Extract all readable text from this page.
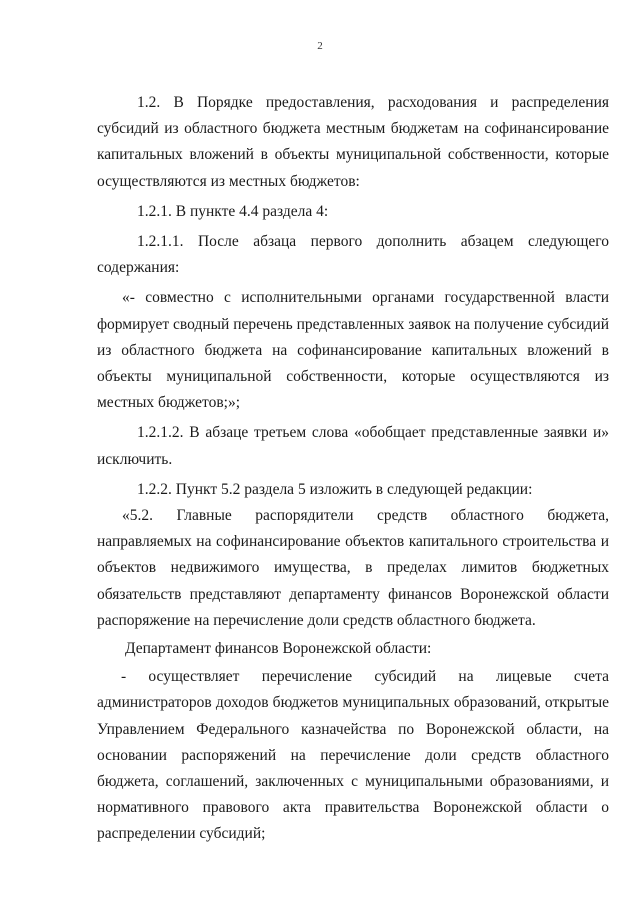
2

1.2. В Порядке предоставления, расходования и распределения субсидий из областного бюджета местным бюджетам на софинансирование капитальных вложений в объекты муниципальной собственности, которые осуществляются из местных бюджетов:

1.2.1. В пункте 4.4 раздела 4:

1.2.1.1. После абзаца первого дополнить абзацем следующего содержания:

«- совместно с исполнительными органами государственной власти формирует сводный перечень представленных заявок на получение субсидий из областного бюджета на софинансирование капитальных вложений в объекты муниципальной собственности, которые осуществляются из местных бюджетов;»;

1.2.1.2. В абзаце третьем слова «обобщает представленные заявки и» исключить.

1.2.2. Пункт 5.2 раздела 5 изложить в следующей редакции:

«5.2. Главные распорядители средств областного бюджета, направляемых на софинансирование объектов капитального строительства и объектов недвижимого имущества, в пределах лимитов бюджетных обязательств представляют департаменту финансов Воронежской области распоряжение на перечисление доли средств областного бюджета.

Департамент финансов Воронежской области:

- осуществляет перечисление субсидий на лицевые счета администраторов доходов бюджетов муниципальных образований, открытые Управлением Федерального казначейства по Воронежской области, на основании распоряжений на перечисление доли средств областного бюджета, соглашений, заключенных с муниципальными образованиями, и нормативного правового акта правительства Воронежской области о распределении субсидий;
